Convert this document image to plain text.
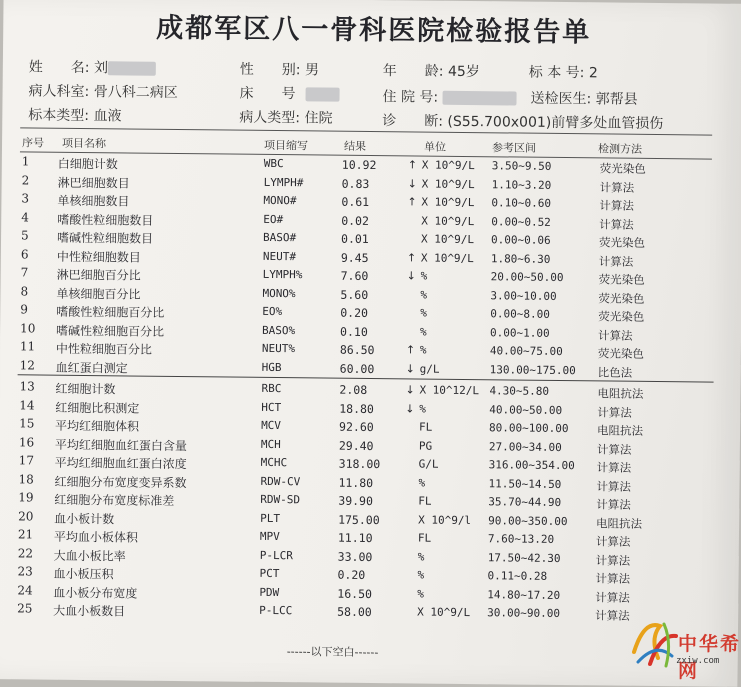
成都军区八一骨科医院检验报告单
姓　　名: 刘	性　　别: 男	年　　龄: 45岁	标 本 号: 2
病人科室: 骨八科二病区	床　　号	住 院 号:	送检医生: 郭帮县
标本类型: 血液	病人类型: 住院	诊　　断: (S55.700x001)前臂多处血管损伤
序号 项目名称	项目缩写	结果	单位	参考区间	检测方法
1 白细胞计数	WBC	10.92	↑ X 10^9/L 3.50~9.50	荧光染色
2 淋巴细胞数目	LYMPH#	0.83	↓ X 10^9/L 1.10~3.20	计算法
3 单核细胞数目	MONO#	0.61	↑ X 10^9/L 0.10~0.60	计算法
4 嗜酸性粒细胞数目	EO#	0.02	X 10^9/L 0.00~0.52	计算法
5 嗜碱性粒细胞数目	BASO#	0.01	X 10^9/L 0.00~0.06	荧光染色
6 中性粒细胞数目	NEUT#	9.45	↑ X 10^9/L 1.80~6.30	计算法
7 淋巴细胞百分比	LYMPH%	7.60	↓ %	20.00~50.00	荧光染色
8 单核细胞百分比	MONO%	5.60	%	3.00~10.00	荧光染色
9 嗜酸性粒细胞百分比	EO%	0.20	%	0.00~8.00	荧光染色
10 嗜碱性粒细胞百分比	BASO%	0.10	%	0.00~1.00	计算法
11 中性粒细胞百分比	NEUT%	86.50	↑ %	40.00~75.00	荧光染色
12 血红蛋白测定	HGB	60.00	↓ g/L	130.00~175.00 比色法
13 红细胞计数	RBC	2.08	↓ X 10^12/L 4.30~5.80	电阻抗法
14 红细胞比积测定	HCT	18.80	↓ %	40.00~50.00	计算法
15 平均红细胞体积	MCV	92.60	FL	80.00~100.00 电阻抗法
16 平均红细胞血红蛋白含量	MCH	29.40	PG	27.00~34.00	计算法
17 平均红细胞血红蛋白浓度	MCHC	318.00	G/L	316.00~354.00 计算法
18 红细胞分布宽度变异系数	RDW-CV	11.80	%	11.50~14.50	计算法
19 红细胞分布宽度标准差	RDW-SD	39.90	FL	35.70~44.90	计算法
20 血小板计数	PLT	175.00	X 10^9/l 90.00~350.00 电阻抗法
21 平均血小板体积	MPV	11.10	FL	7.60~13.20	计算法
22 大血小板比率	P-LCR	33.00	%	17.50~42.30	计算法
23 血小板压积	PCT	0.20	%	0.11~0.28	计算法
24 血小板分布宽度	PDW	16.50	%	14.80~17.20	计算法
25 大血小板数目	P-LCC	58.00	X 10^9/L 30.00~90.00	计算法
------以下空白------	中华希网
zxiw.com
